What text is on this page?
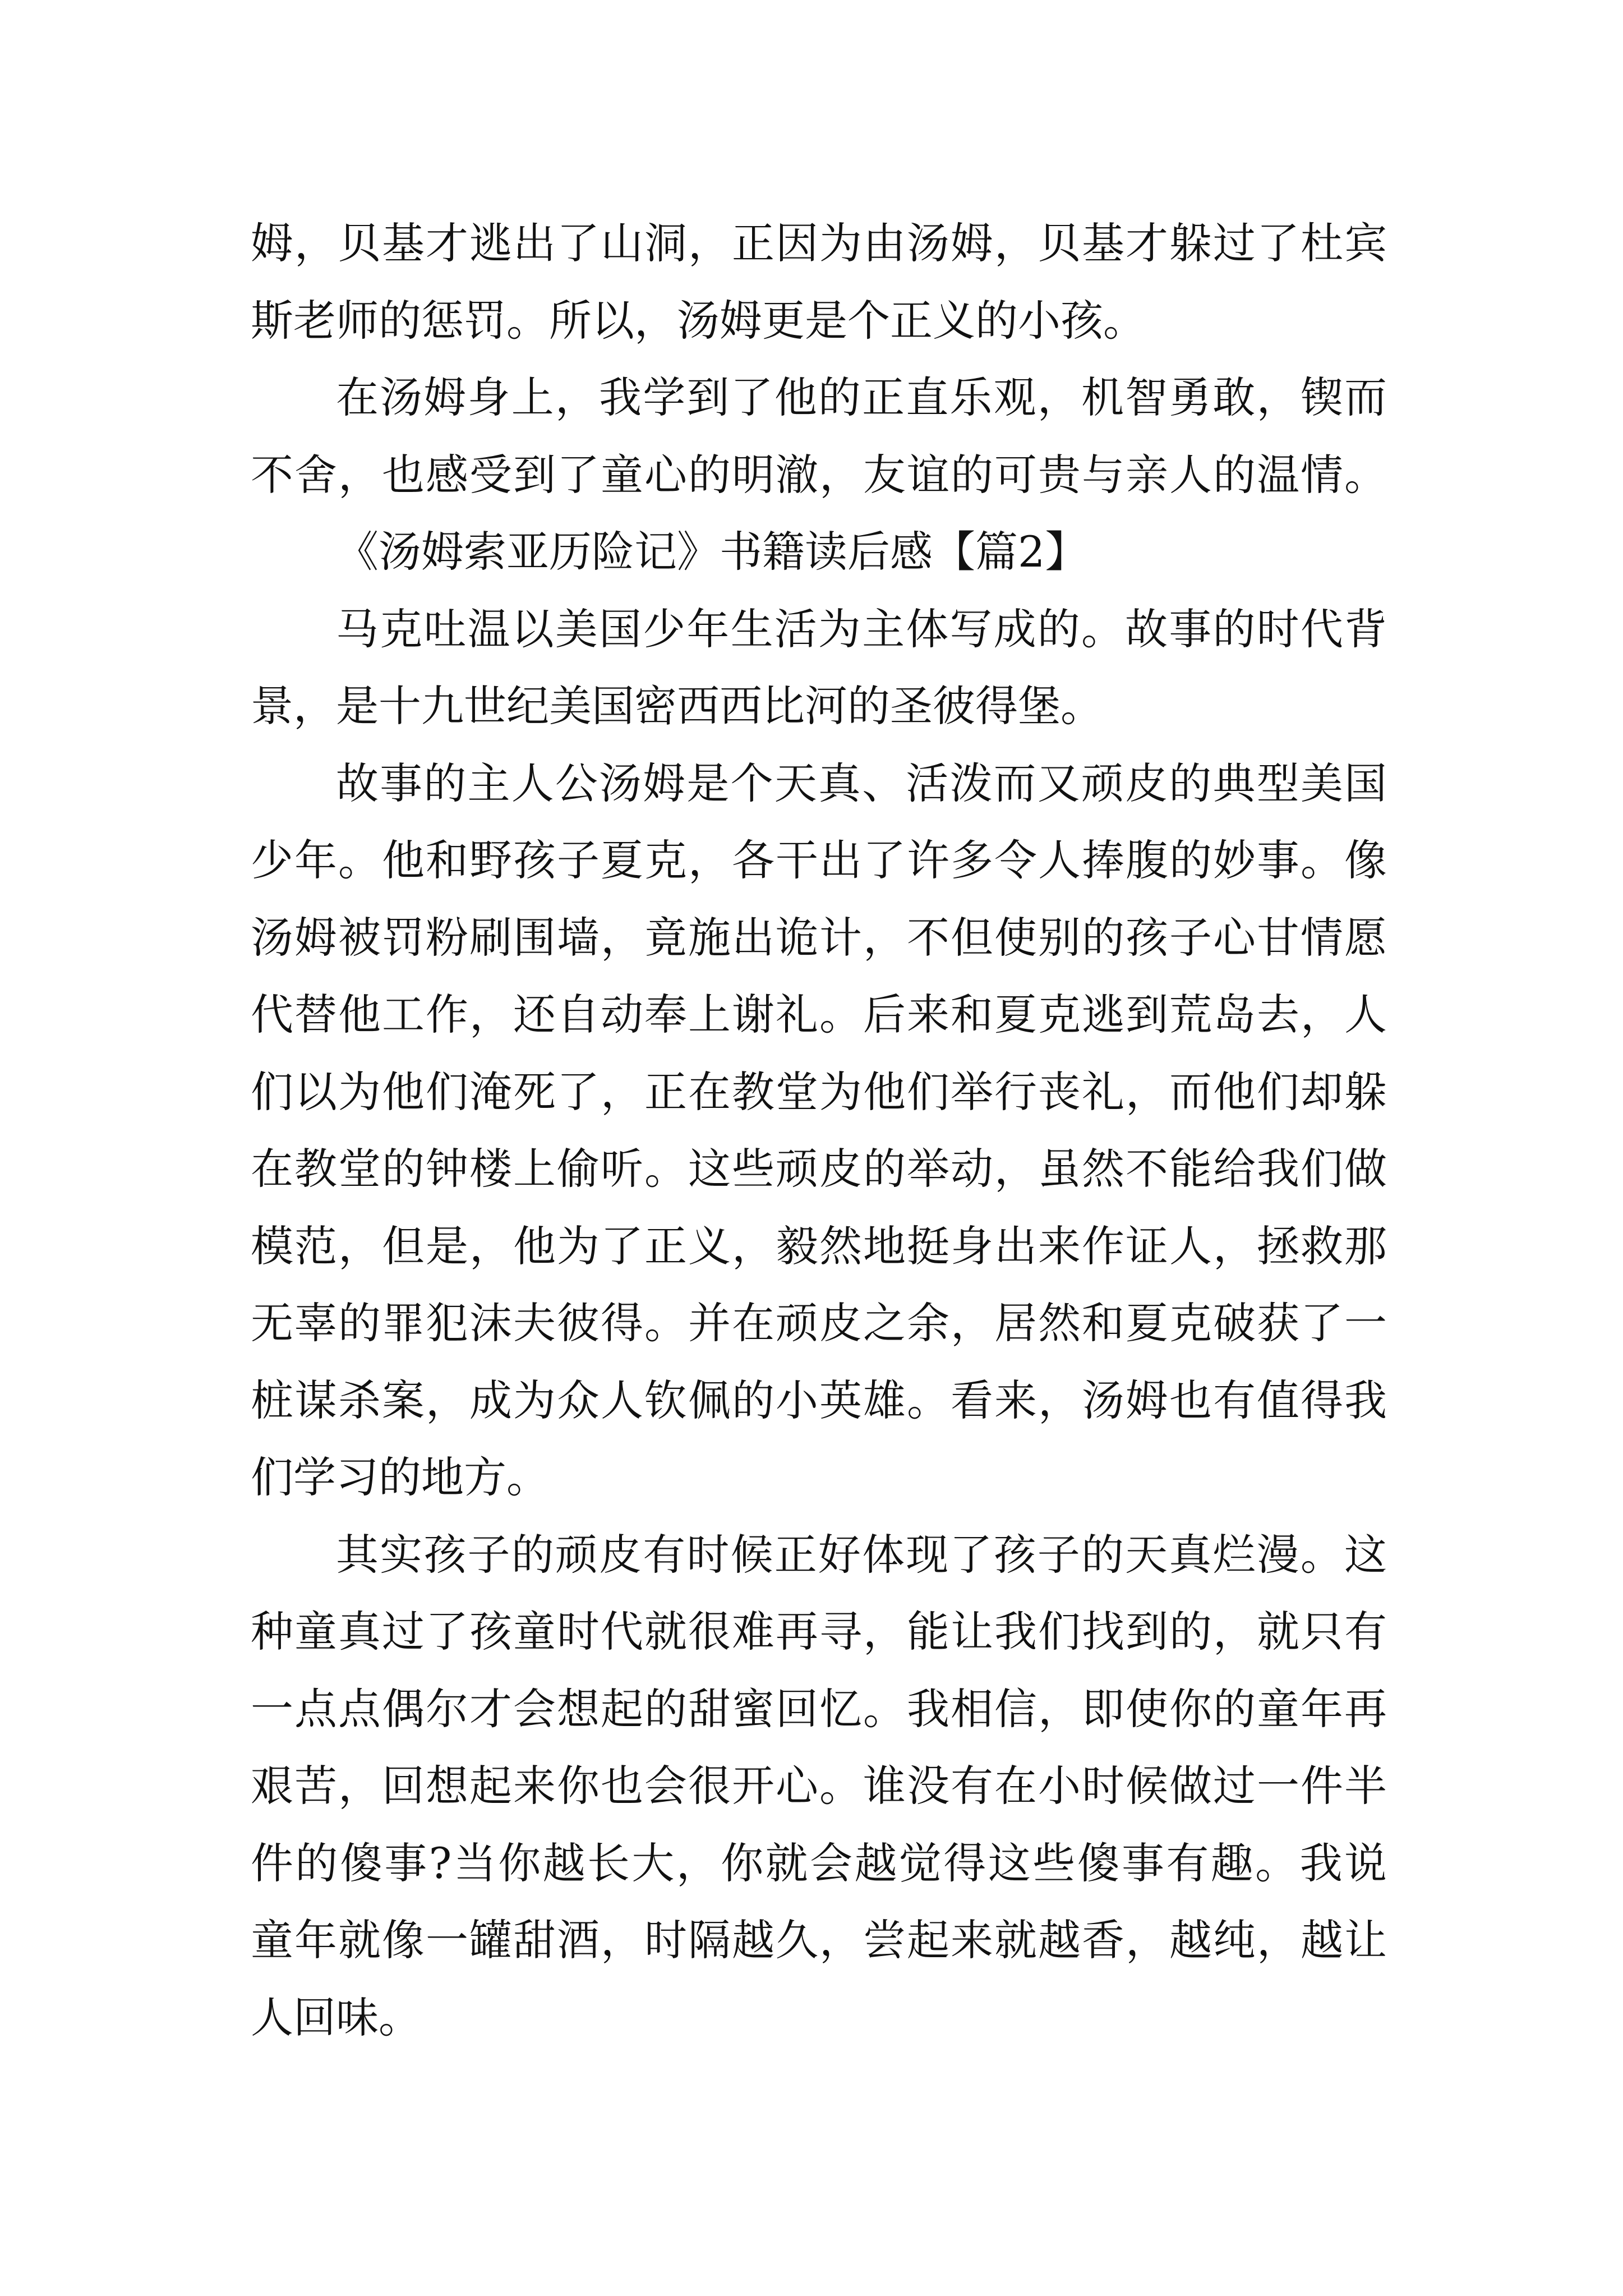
姆，贝基才逃出了山洞，正因为由汤姆，贝基才躲过了杜宾
斯老师的惩罚。所以，汤姆更是个正义的小孩。
在汤姆身上，我学到了他的正直乐观，机智勇敢，锲而
不舍，也感受到了童心的明澈，友谊的可贵与亲人的温情。
《汤姆索亚历险记》书籍读后感【篇2】
马克吐温以美国少年生活为主体写成的。故事的时代背
景，是十九世纪美国密西西比河的圣彼得堡。
故事的主人公汤姆是个天真、活泼而又顽皮的典型美国
少年。他和野孩子夏克，各干出了许多令人捧腹的妙事。像
汤姆被罚粉刷围墙，竟施出诡计，不但使别的孩子心甘情愿
代替他工作，还自动奉上谢礼。后来和夏克逃到荒岛去，人
们以为他们淹死了，正在教堂为他们举行丧礼，而他们却躲
在教堂的钟楼上偷听。这些顽皮的举动，虽然不能给我们做
模范，但是，他为了正义，毅然地挺身出来作证人，拯救那
无辜的罪犯沫夫彼得。并在顽皮之余，居然和夏克破获了一
桩谋杀案，成为众人钦佩的小英雄。看来，汤姆也有值得我
们学习的地方。
其实孩子的顽皮有时候正好体现了孩子的天真烂漫。这
种童真过了孩童时代就很难再寻，能让我们找到的，就只有
一点点偶尔才会想起的甜蜜回忆。我相信，即使你的童年再
艰苦，回想起来你也会很开心。谁没有在小时候做过一件半
件的傻事?当你越长大，你就会越觉得这些傻事有趣。我说
童年就像一罐甜酒，时隔越久，尝起来就越香，越纯，越让
人回味。
